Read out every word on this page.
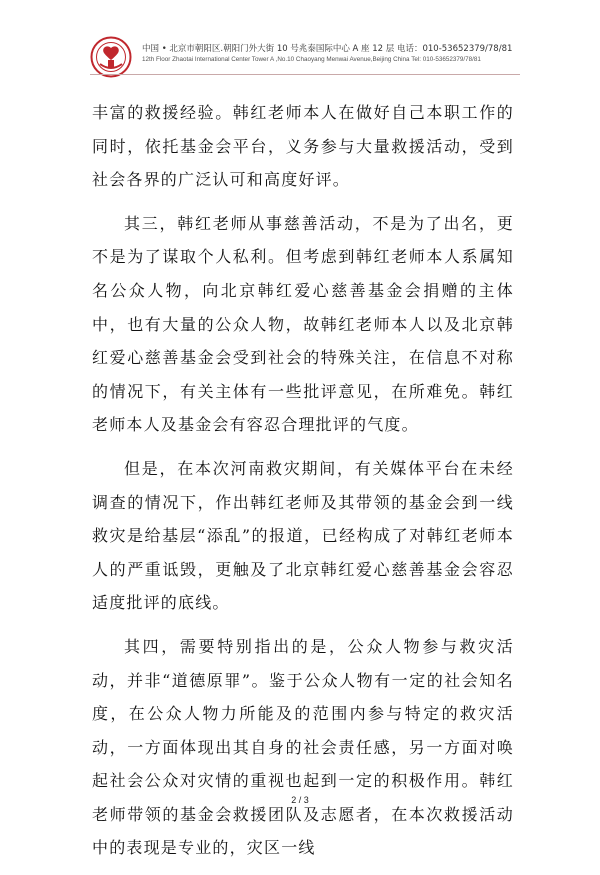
中国 • 北京市朝阳区.朝阳门外大街 10 号兆泰国际中心 A 座 12 层 电话：010-53652379/78/81
12th Floor Zhaotai International Center Tower A ,No.10 Chaoyang Menwai Avenue,Beijing China Tel: 010-53652379/78/81

丰富的救援经验。韩红老师本人在做好自己本职工作的同时，依托基金会平台，义务参与大量救援活动，受到社会各界的广泛认可和高度好评。

其三，韩红老师从事慈善活动，不是为了出名，更不是为了谋取个人私利。但考虑到韩红老师本人系属知名公众人物，向北京韩红爱心慈善基金会捐赠的主体中，也有大量的公众人物，故韩红老师本人以及北京韩红爱心慈善基金会受到社会的特殊关注，在信息不对称的情况下，有关主体有一些批评意见，在所难免。韩红老师本人及基金会有容忍合理批评的气度。

但是，在本次河南救灾期间，有关媒体平台在未经调查的情况下，作出韩红老师及其带领的基金会到一线救灾是给基层“添乱”的报道，已经构成了对韩红老师本人的严重诋毁，更触及了北京韩红爱心慈善基金会容忍适度批评的底线。

其四，需要特别指出的是，公众人物参与救灾活动，并非“道德原罪”。鉴于公众人物有一定的社会知名度，在公众人物力所能及的范围内参与特定的救灾活动，一方面体现出其自身的社会责任感，另一方面对唤起社会公众对灾情的重视也起到一定的积极作用。韩红老师带领的基金会救援团队及志愿者，在本次救援活动中的表现是专业的，灾区一线

2 / 3
